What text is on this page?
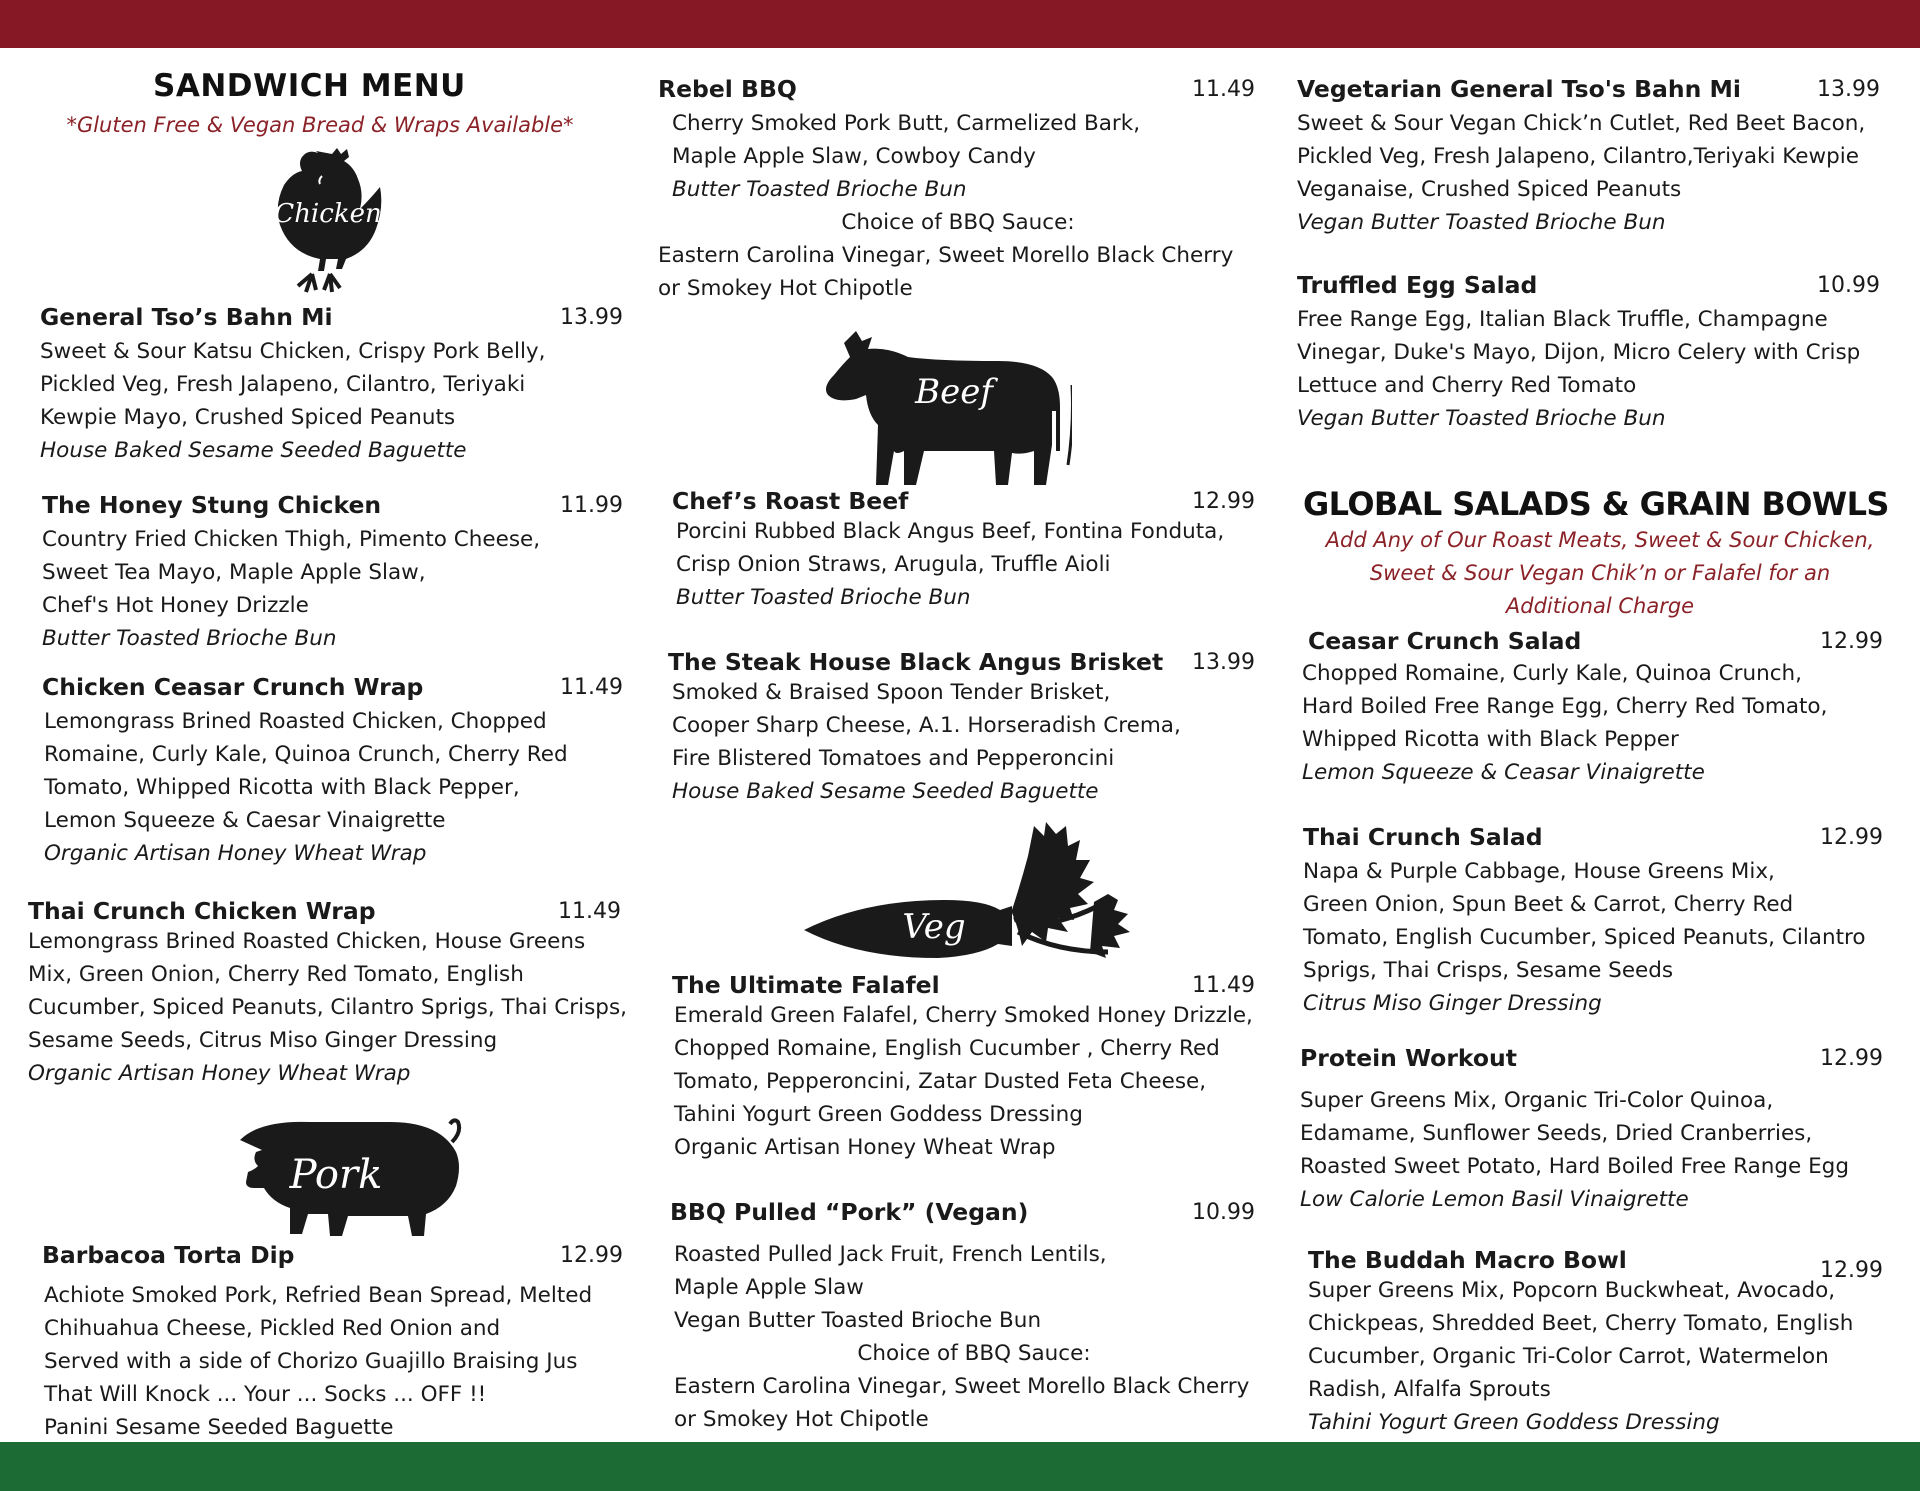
SANDWICH MENU
*Gluten Free & Vegan Bread & Wraps Available*
Chicken
Pork
Beef
Veg
GLOBAL SALADS & GRAIN BOWLS
Add Any of Our Roast Meats, Sweet & Sour Chicken,
Sweet & Sour Vegan Chik’n or Falafel for an
Additional Charge
General Tso’s Bahn Mi	13.99
Sweet & Sour Katsu Chicken, Crispy Pork Belly,
Pickled Veg, Fresh Jalapeno, Cilantro, Teriyaki
Kewpie Mayo, Crushed Spiced Peanuts
House Baked Sesame Seeded Baguette
The Honey Stung Chicken	11.99
Country Fried Chicken Thigh, Pimento Cheese,
Sweet Tea Mayo, Maple Apple Slaw,
Chef's Hot Honey Drizzle
Butter Toasted Brioche Bun
Chicken Ceasar Crunch Wrap	11.49
Lemongrass Brined Roasted Chicken, Chopped
Romaine, Curly Kale, Quinoa Crunch, Cherry Red
Tomato, Whipped Ricotta with Black Pepper,
Lemon Squeeze & Caesar Vinaigrette
Organic Artisan Honey Wheat Wrap
Thai Crunch Chicken Wrap	11.49
Lemongrass Brined Roasted Chicken, House Greens
Mix, Green Onion, Cherry Red Tomato, English
Cucumber, Spiced Peanuts, Cilantro Sprigs, Thai Crisps,
Sesame Seeds, Citrus Miso Ginger Dressing
Organic Artisan Honey Wheat Wrap
Barbacoa Torta Dip	12.99
Achiote Smoked Pork, Refried Bean Spread, Melted
Chihuahua Cheese, Pickled Red Onion and
Served with a side of Chorizo Guajillo Braising Jus
That Will Knock ... Your ... Socks ... OFF !!
Panini Sesame Seeded Baguette
Rebel BBQ	11.49
Cherry Smoked Pork Butt, Carmelized Bark,
Maple Apple Slaw, Cowboy Candy
Butter Toasted Brioche Bun
Choice of BBQ Sauce:
Eastern Carolina Vinegar, Sweet Morello Black Cherry
or Smokey Hot Chipotle
Chef’s Roast Beef	12.99
Porcini Rubbed Black Angus Beef, Fontina Fonduta,
Crisp Onion Straws, Arugula, Truffle Aioli
Butter Toasted Brioche Bun
The Steak House Black Angus Brisket	13.99
Smoked & Braised Spoon Tender Brisket,
Cooper Sharp Cheese, A.1. Horseradish Crema,
Fire Blistered Tomatoes and Pepperoncini
House Baked Sesame Seeded Baguette
The Ultimate Falafel	11.49
Emerald Green Falafel, Cherry Smoked Honey Drizzle,
Chopped Romaine, English Cucumber , Cherry Red
Tomato, Pepperoncini, Zatar Dusted Feta Cheese,
Tahini Yogurt Green Goddess Dressing
Organic Artisan Honey Wheat Wrap
BBQ Pulled “Pork” (Vegan)	10.99
Roasted Pulled Jack Fruit, French Lentils,
Maple Apple Slaw
Vegan Butter Toasted Brioche Bun
Choice of BBQ Sauce:
Eastern Carolina Vinegar, Sweet Morello Black Cherry
or Smokey Hot Chipotle
Vegetarian General Tso's Bahn Mi	13.99
Sweet & Sour Vegan Chick’n Cutlet, Red Beet Bacon,
Pickled Veg, Fresh Jalapeno, Cilantro,Teriyaki Kewpie
Veganaise, Crushed Spiced Peanuts
Vegan Butter Toasted Brioche Bun
Truffled Egg Salad	10.99
Free Range Egg, Italian Black Truffle, Champagne
Vinegar, Duke's Mayo, Dijon, Micro Celery with Crisp
Lettuce and Cherry Red Tomato
Vegan Butter Toasted Brioche Bun
Ceasar Crunch Salad	12.99
Chopped Romaine, Curly Kale, Quinoa Crunch,
Hard Boiled Free Range Egg, Cherry Red Tomato,
Whipped Ricotta with Black Pepper
Lemon Squeeze & Ceasar Vinaigrette
Thai Crunch Salad	12.99
Napa & Purple Cabbage, House Greens Mix,
Green Onion, Spun Beet & Carrot, Cherry Red
Tomato, English Cucumber, Spiced Peanuts, Cilantro
Sprigs, Thai Crisps, Sesame Seeds
Citrus Miso Ginger Dressing
Protein Workout	12.99
Super Greens Mix, Organic Tri-Color Quinoa,
Edamame, Sunflower Seeds, Dried Cranberries,
Roasted Sweet Potato, Hard Boiled Free Range Egg
Low Calorie Lemon Basil Vinaigrette
The Buddah Macro Bowl	12.99
Super Greens Mix, Popcorn Buckwheat, Avocado,
Chickpeas, Shredded Beet, Cherry Tomato, English
Cucumber, Organic Tri-Color Carrot, Watermelon
Radish, Alfalfa Sprouts
Tahini Yogurt Green Goddess Dressing
